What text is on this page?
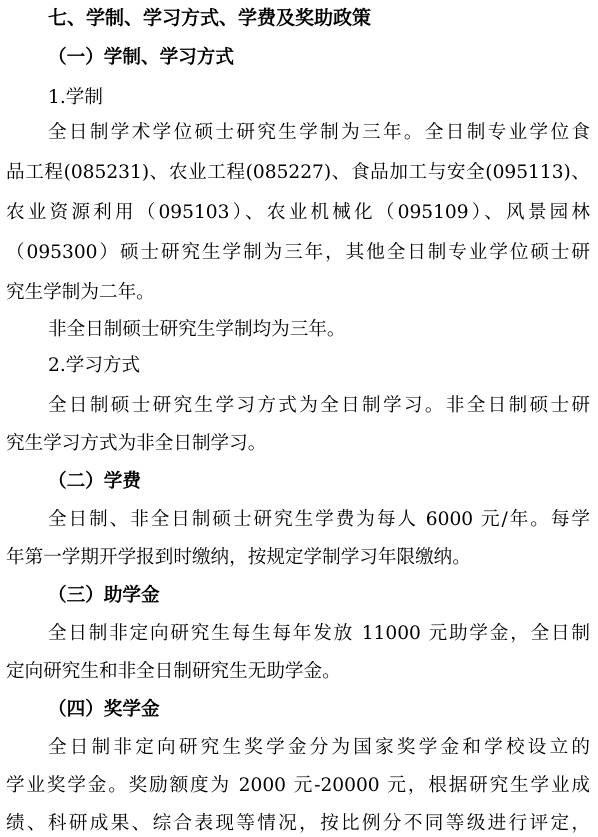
七、学制、学习方式、学费及奖助政策
（一）学制、学习方式
1.学制
全日制学术学位硕士研究生学制为三年。全日制专业学位食
品工程(085231)、农业工程(085227)、食品加工与安全(095113)、
农业资源利用（095103）、农业机械化（095109）、风景园林
（095300）硕士研究生学制为三年，其他全日制专业学位硕士研
究生学制为二年。
非全日制硕士研究生学制均为三年。
2.学习方式
全日制硕士研究生学习方式为全日制学习。非全日制硕士研
究生学习方式为非全日制学习。
（二）学费
全日制、非全日制硕士研究生学费为每人 6000 元/年。每学
年第一学期开学报到时缴纳，按规定学制学习年限缴纳。
（三）助学金
全日制非定向研究生每生每年发放 11000 元助学金，全日制
定向研究生和非全日制研究生无助学金。
（四）奖学金
全日制非定向研究生奖学金分为国家奖学金和学校设立的
学业奖学金。奖励额度为 2000 元-20000 元，根据研究生学业成
绩、科研成果、综合表现等情况，按比例分不同等级进行评定，
